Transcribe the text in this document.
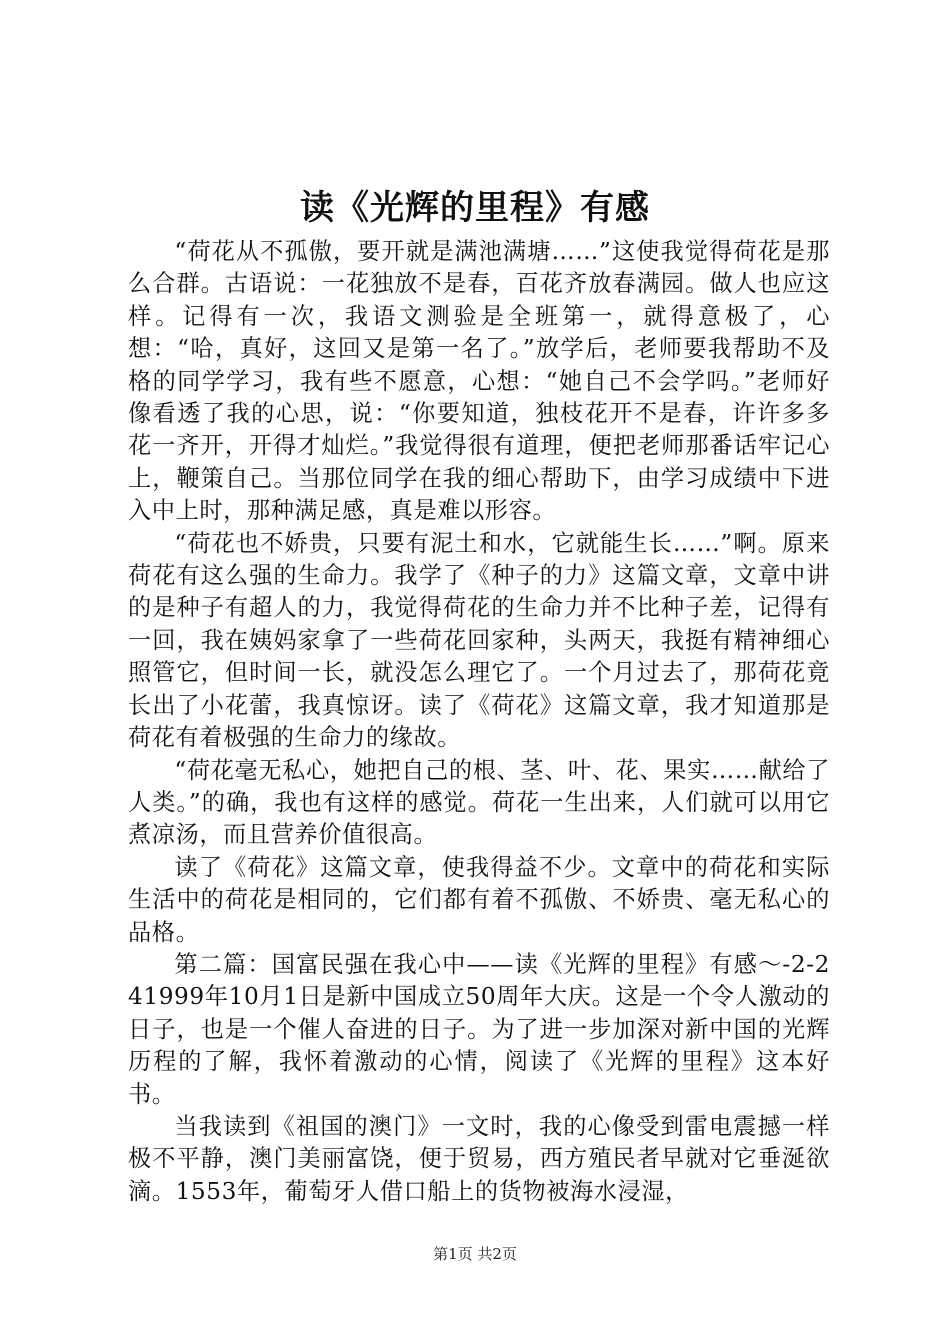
读《光辉的里程》有感

“荷花从不孤傲，要开就是满池满塘……”这使我觉得荷花是那么合群。古语说：一花独放不是春，百花齐放春满园。做人也应这样。记得有一次，我语文测验是全班第一，就得意极了，心想：“哈，真好，这回又是第一名了。”放学后，老师要我帮助不及格的同学学习，我有些不愿意，心想：“她自己不会学吗。”老师好像看透了我的心思，说：“你要知道，独枝花开不是春，许许多多花一齐开，开得才灿烂。”我觉得很有道理，便把老师那番话牢记心上，鞭策自己。当那位同学在我的细心帮助下，由学习成绩中下进入中上时，那种满足感，真是难以形容。

“荷花也不娇贵，只要有泥土和水，它就能生长……”啊。原来荷花有这么强的生命力。我学了《种子的力》这篇文章，文章中讲的是种子有超人的力，我觉得荷花的生命力并不比种子差，记得有一回，我在姨妈家拿了一些荷花回家种，头两天，我挺有精神细心照管它，但时间一长，就没怎么理它了。一个月过去了，那荷花竟长出了小花蕾，我真惊讶。读了《荷花》这篇文章，我才知道那是荷花有着极强的生命力的缘故。

“荷花毫无私心，她把自己的根、茎、叶、花、果实……献给了人类。”的确，我也有这样的感觉。荷花一生出来，人们就可以用它煮凉汤，而且营养价值很高。

读了《荷花》这篇文章，使我得益不少。文章中的荷花和实际生活中的荷花是相同的，它们都有着不孤傲、不娇贵、毫无私心的品格。

第二篇：国富民强在我心中——读《光辉的里程》有感～-2-241999年10月1日是新中国成立50周年大庆。这是一个令人激动的日子，也是一个催人奋进的日子。为了进一步加深对新中国的光辉历程的了解，我怀着激动的心情，阅读了《光辉的里程》这本好书。

当我读到《祖国的澳门》一文时，我的心像受到雷电震撼一样极不平静，澳门美丽富饶，便于贸易，西方殖民者早就对它垂涎欲滴。1553年，葡萄牙人借口船上的货物被海水浸湿，

第1页 共2页
